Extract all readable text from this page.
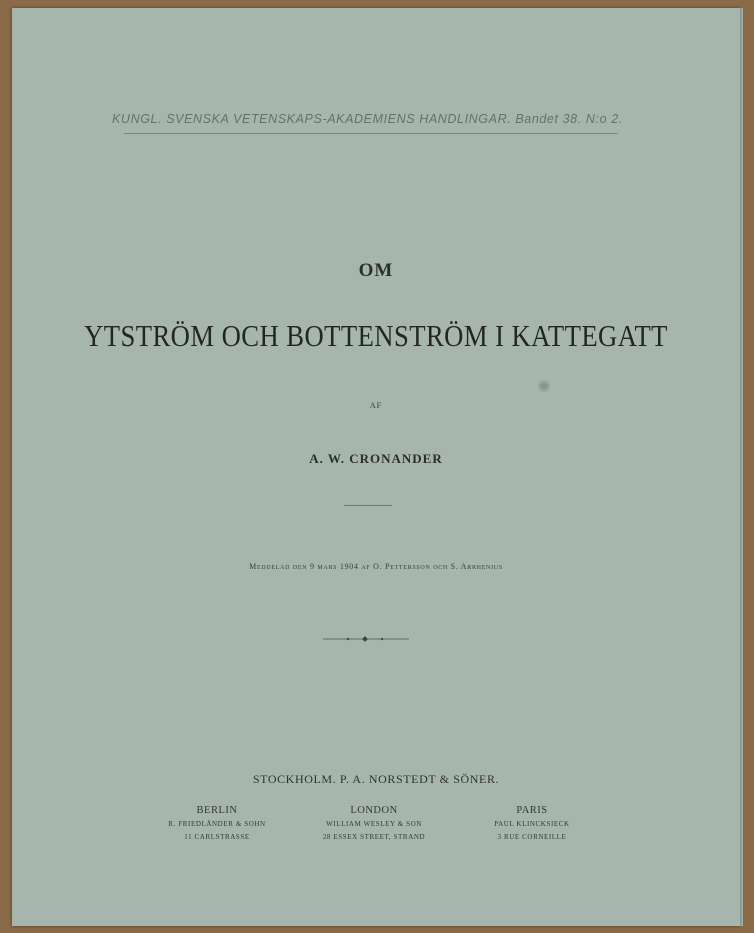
KUNGL. SVENSKA VETENSKAPS-AKADEMIENS HANDLINGAR. Bandet 38. N:o 2.
OM
YTSTRÖM OCH BOTTENSTRÖM I KATTEGATT
AF
A. W. CRONANDER
Meddelad den 9 mars 1904 af O. Pettersson och S. Arrhenius
STOCKHOLM. P. A. NORSTEDT & SÖNER.
BERLIN
R. FRIEDLÄNDER & SOHN
11 CARLSTRASSE
LONDON
WILLIAM WESLEY & SON
28 ESSEX STREET, STRAND
PARIS
PAUL KLINCKSIECK
3 RUE CORNEILLE
